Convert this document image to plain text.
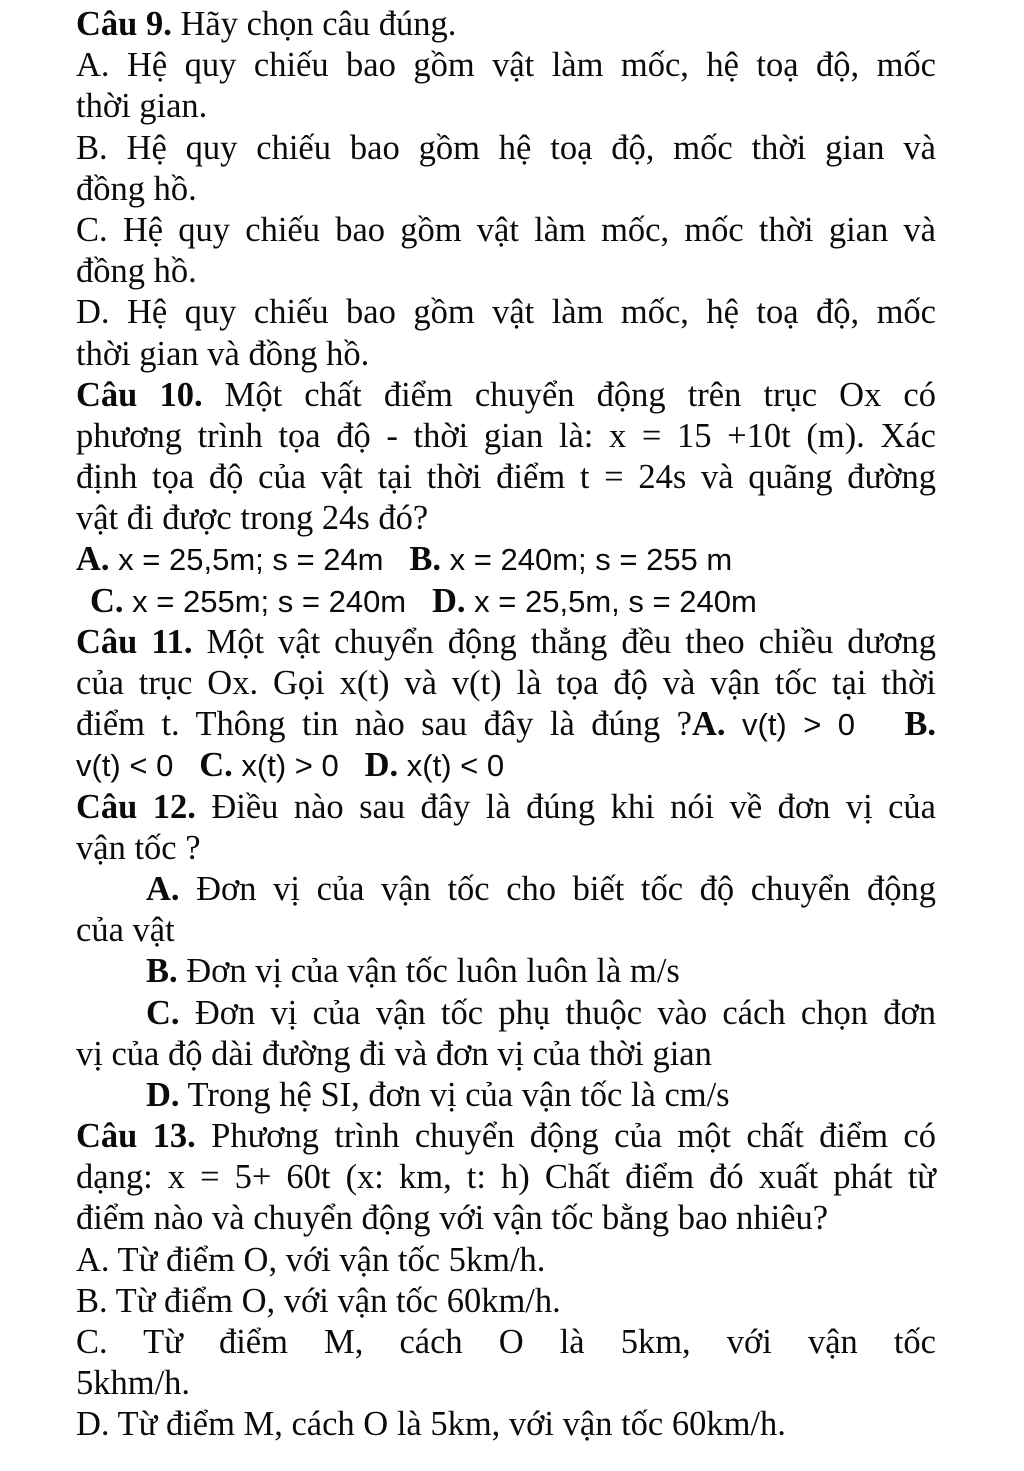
Câu 9. Hãy chọn câu đúng.
A. Hệ quy chiếu bao gồm vật làm mốc, hệ toạ độ, mốc
thời gian.
B. Hệ quy chiếu bao gồm hệ toạ độ, mốc thời gian và
đồng hồ.
C. Hệ quy chiếu bao gồm vật làm mốc, mốc thời gian và
đồng hồ.
D. Hệ quy chiếu bao gồm vật làm mốc, hệ toạ độ, mốc
thời gian và đồng hồ.
Câu 10. Một chất điểm chuyển động trên trục Ox có
phương trình tọa độ - thời gian là: x = 15 +10t (m). Xác
định tọa độ của vật tại thời điểm t = 24s và quãng đường
vật đi được trong 24s đó?
A. x = 25,5m; s = 24m B. x = 240m; s = 255 m
C. x = 255m; s = 240m D. x = 25,5m, s = 240m
Câu 11. Một vật chuyển động thẳng đều theo chiều dương
của trục Ox. Gọi x(t) và v(t) là tọa độ và vận tốc tại thời
điểm t. Thông tin nào sau đây là đúng ?A. v(t) > 0 B.
v(t) < 0 C. x(t) > 0 D. x(t) < 0
Câu 12. Điều nào sau đây là đúng khi nói về đơn vị của
vận tốc ?
A. Đơn vị của vận tốc cho biết tốc độ chuyển động
của vật
B. Đơn vị của vận tốc luôn luôn là m/s
C. Đơn vị của vận tốc phụ thuộc vào cách chọn đơn
vị của độ dài đường đi và đơn vị của thời gian
D. Trong hệ SI, đơn vị của vận tốc là cm/s
Câu 13. Phương trình chuyển động của một chất điểm có
dạng: x = 5+ 60t (x: km, t: h) Chất điểm đó xuất phát từ
điểm nào và chuyển động với vận tốc bằng bao nhiêu?
A. Từ điểm O, với vận tốc 5km/h.
B. Từ điểm O, với vận tốc 60km/h.
C. Từ điểm M, cách O là 5km, với vận tốc
5khm/h.
D. Từ điểm M, cách O là 5km, với vận tốc 60km/h.
